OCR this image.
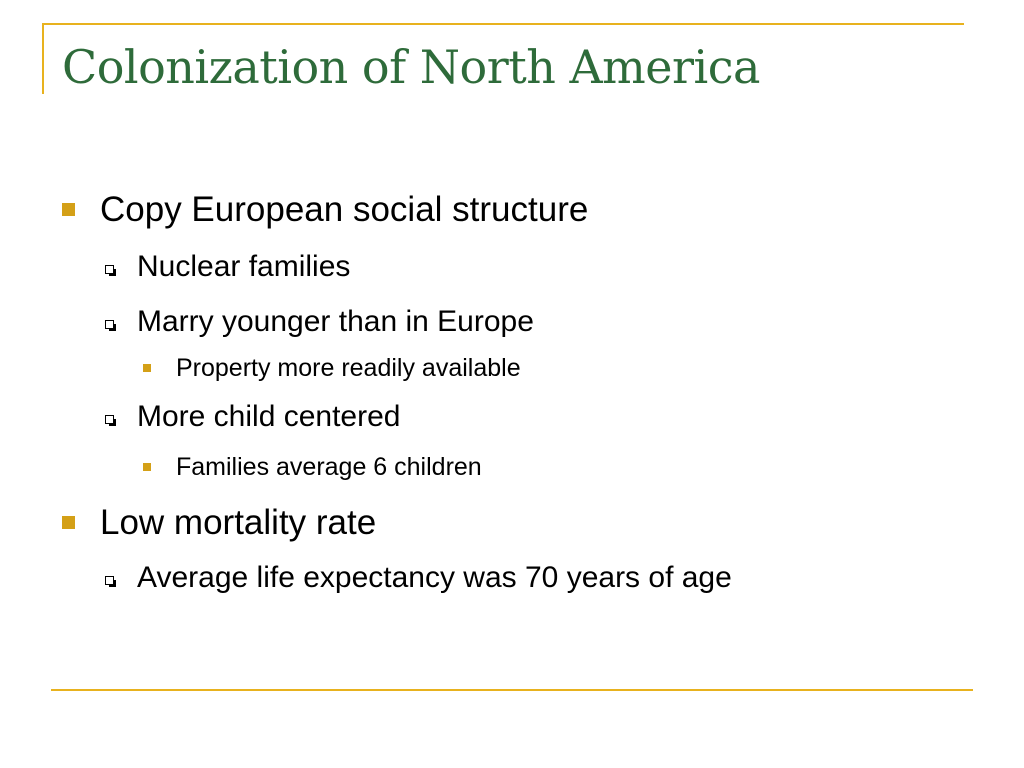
Colonization of North America
Copy European social structure
Nuclear families
Marry younger than in Europe
Property more readily available
More child centered
Families average 6 children
Low mortality rate
Average life expectancy was 70 years of age
